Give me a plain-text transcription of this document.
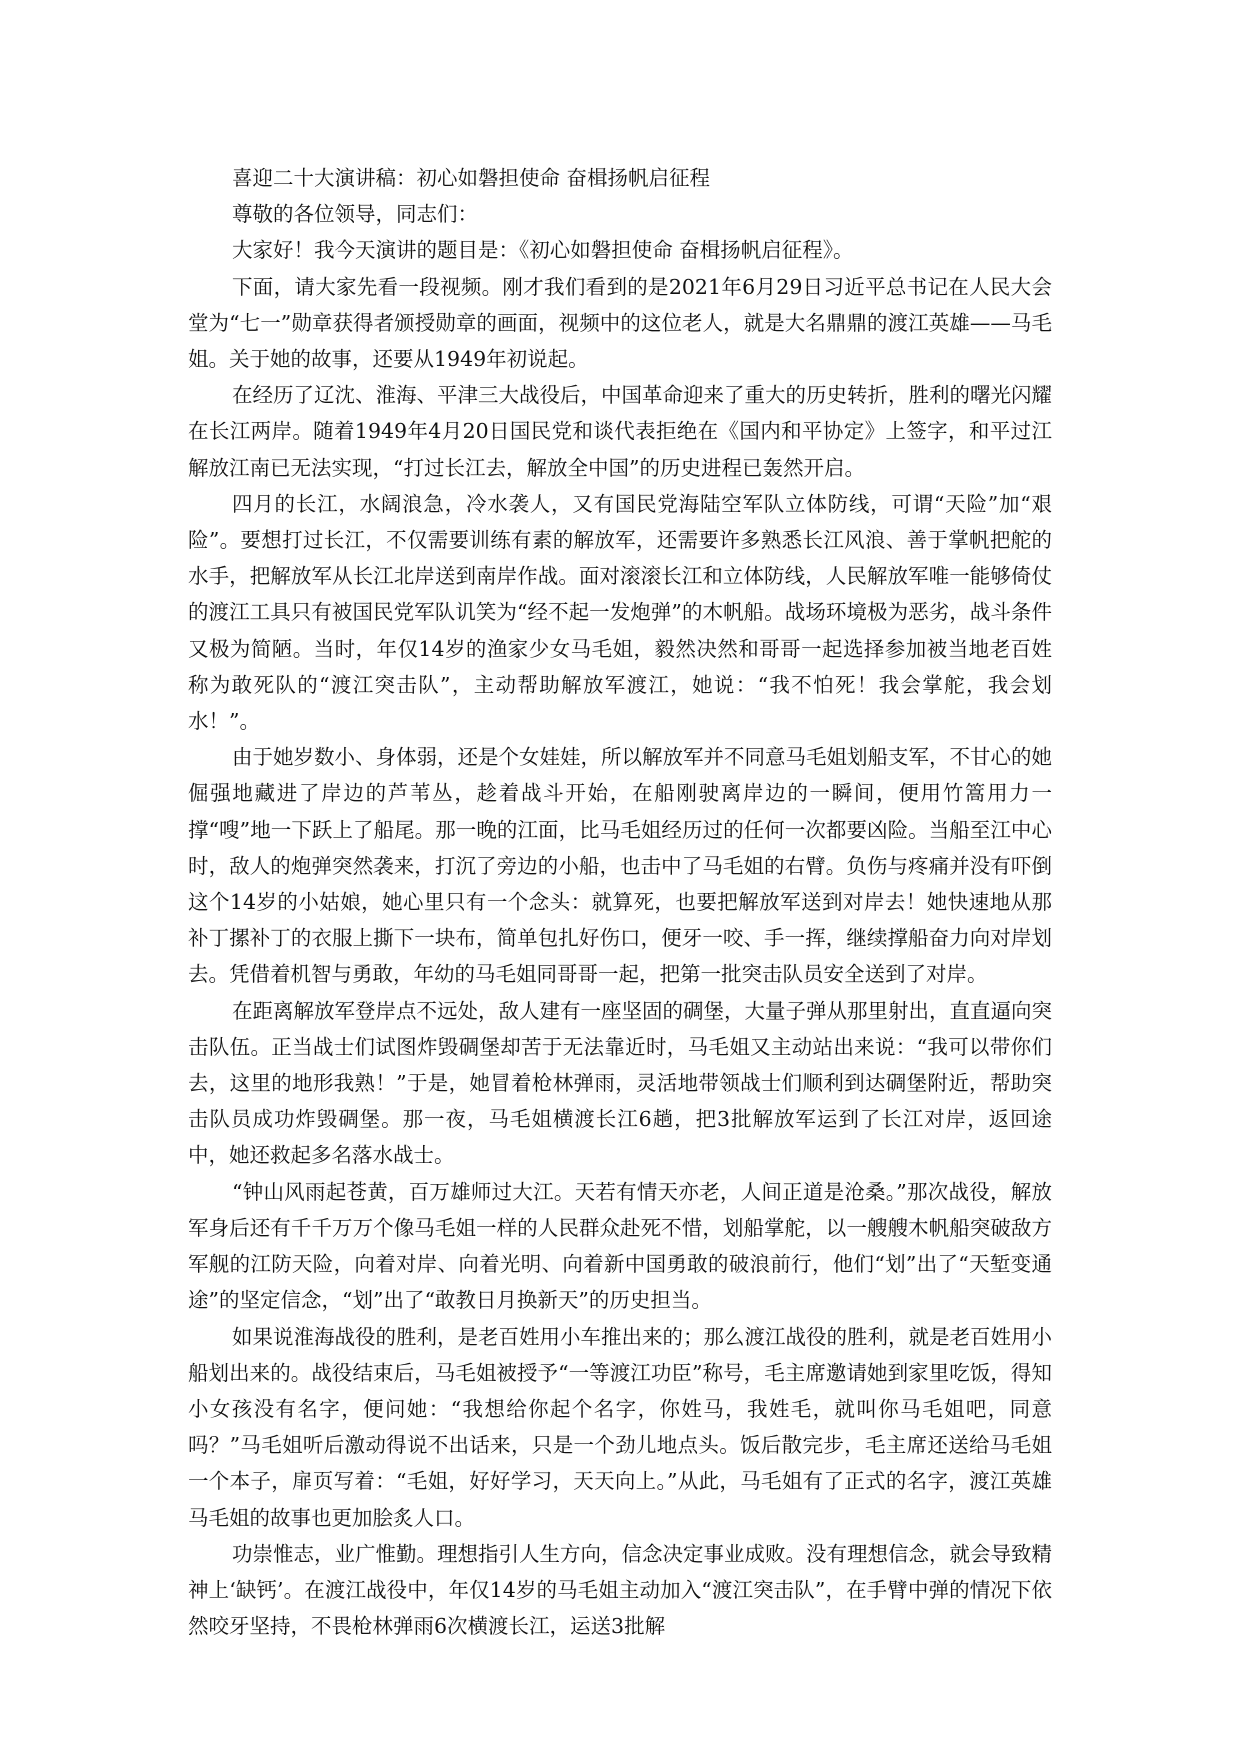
喜迎二十大演讲稿：初心如磐担使命 奋楫扬帆启征程

尊敬的各位领导，同志们：

大家好！我今天演讲的题目是：《初心如磐担使命 奋楫扬帆启征程》。

下面，请大家先看一段视频。刚才我们看到的是2021年6月29日习近平总书记在人民大会堂为“七一”勋章获得者颁授勋章的画面，视频中的这位老人，就是大名鼎鼎的渡江英雄——马毛姐。关于她的故事，还要从1949年初说起。

在经历了辽沈、淮海、平津三大战役后，中国革命迎来了重大的历史转折，胜利的曙光闪耀在长江两岸。随着1949年4月20日国民党和谈代表拒绝在《国内和平协定》上签字，和平过江解放江南已无法实现，“打过长江去，解放全中国”的历史进程已轰然开启。

四月的长江，水阔浪急，冷水袭人，又有国民党海陆空军队立体防线，可谓“天险”加“艰险”。要想打过长江，不仅需要训练有素的解放军，还需要许多熟悉长江风浪、善于掌帆把舵的水手，把解放军从长江北岸送到南岸作战。面对滚滚长江和立体防线，人民解放军唯一能够倚仗的渡江工具只有被国民党军队讥笑为“经不起一发炮弹”的木帆船。战场环境极为恶劣，战斗条件又极为简陋。当时，年仅14岁的渔家少女马毛姐，毅然决然和哥哥一起选择参加被当地老百姓称为敢死队的“渡江突击队”，主动帮助解放军渡江，她说：“我不怕死！我会掌舵，我会划水！”。

由于她岁数小、身体弱，还是个女娃娃，所以解放军并不同意马毛姐划船支军，不甘心的她倔强地藏进了岸边的芦苇丛，趁着战斗开始，在船刚驶离岸边的一瞬间，便用竹篙用力一撑“嗖”地一下跃上了船尾。那一晚的江面，比马毛姐经历过的任何一次都要凶险。当船至江中心时，敌人的炮弹突然袭来，打沉了旁边的小船，也击中了马毛姐的右臂。负伤与疼痛并没有吓倒这个14岁的小姑娘，她心里只有一个念头：就算死，也要把解放军送到对岸去！她快速地从那补丁摞补丁的衣服上撕下一块布，简单包扎好伤口，便牙一咬、手一挥，继续撑船奋力向对岸划去。凭借着机智与勇敢，年幼的马毛姐同哥哥一起，把第一批突击队员安全送到了对岸。

在距离解放军登岸点不远处，敌人建有一座坚固的碉堡，大量子弹从那里射出，直直逼向突击队伍。正当战士们试图炸毁碉堡却苦于无法靠近时，马毛姐又主动站出来说：“我可以带你们去，这里的地形我熟！”于是，她冒着枪林弹雨，灵活地带领战士们顺利到达碉堡附近，帮助突击队员成功炸毁碉堡。那一夜，马毛姐横渡长江6趟，把3批解放军运到了长江对岸，返回途中，她还救起多名落水战士。

“钟山风雨起苍黄，百万雄师过大江。天若有情天亦老，人间正道是沧桑。”那次战役，解放军身后还有千千万万个像马毛姐一样的人民群众赴死不惜，划船掌舵，以一艘艘木帆船突破敌方军舰的江防天险，向着对岸、向着光明、向着新中国勇敢的破浪前行，他们“划”出了“天堑变通途”的坚定信念，“划”出了“敢教日月换新天”的历史担当。

如果说淮海战役的胜利，是老百姓用小车推出来的；那么渡江战役的胜利，就是老百姓用小船划出来的。战役结束后，马毛姐被授予“一等渡江功臣”称号，毛主席邀请她到家里吃饭，得知小女孩没有名字，便问她：“我想给你起个名字，你姓马，我姓毛，就叫你马毛姐吧，同意吗？”马毛姐听后激动得说不出话来，只是一个劲儿地点头。饭后散完步，毛主席还送给马毛姐一个本子，扉页写着：“毛姐，好好学习，天天向上。”从此，马毛姐有了正式的名字，渡江英雄马毛姐的故事也更加脍炙人口。

功崇惟志，业广惟勤。理想指引人生方向，信念决定事业成败。没有理想信念，就会导致精神上‘缺钙’。在渡江战役中，年仅14岁的马毛姐主动加入“渡江突击队”，在手臂中弹的情况下依然咬牙坚持，不畏枪林弹雨6次横渡长江，运送3批解
